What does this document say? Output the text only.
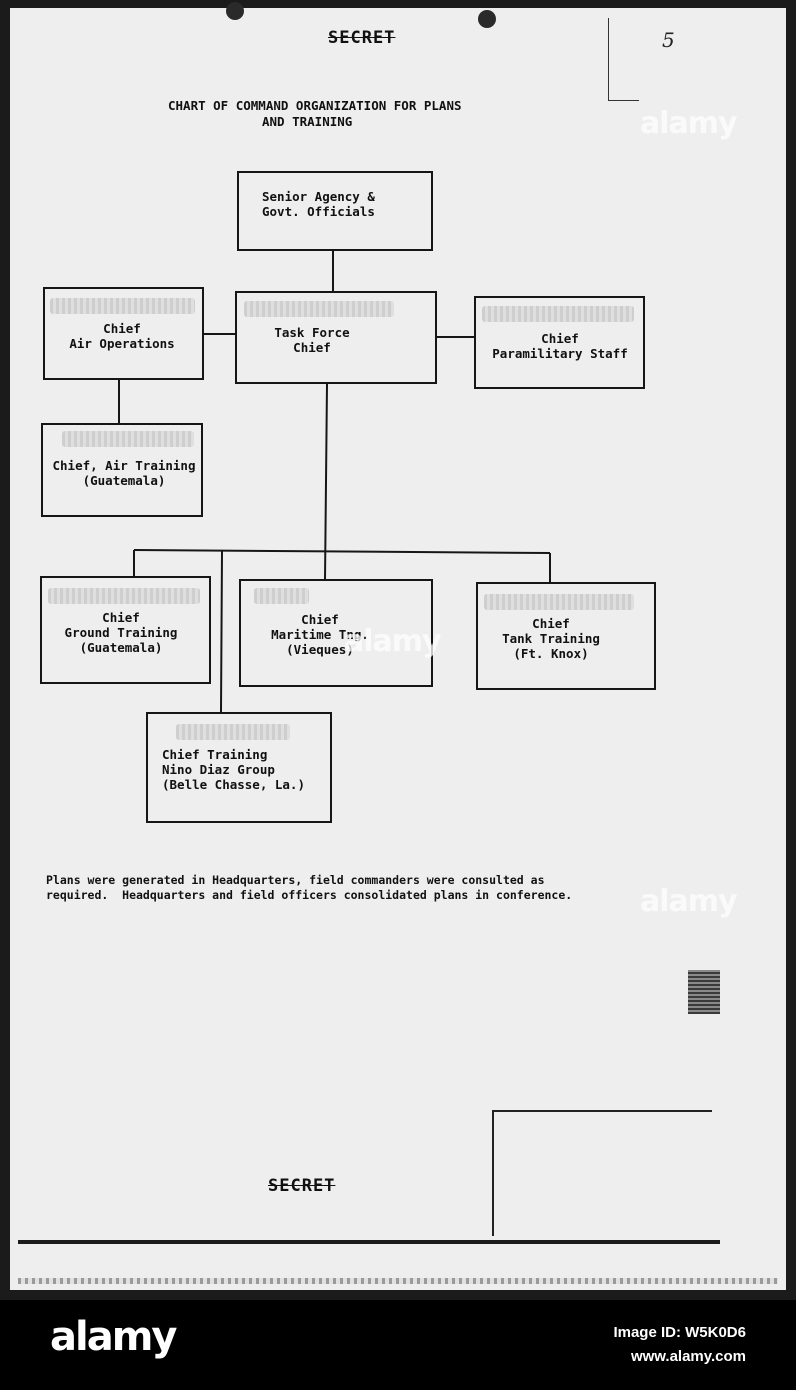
SECRET	5
CHART OF COMMAND ORGANIZATION FOR PLANS
AND TRAINING
Senior Agency &
Govt. Officials
Chief
Air Operations
Task Force
Chief
Chief
Paramilitary Staff
Chief, Air Training
(Guatemala)
Chief
Ground Training
(Guatemala)
Chief
Maritime Tng.
(Vieques)
Chief
Tank Training
(Ft. Knox)
Chief Training
Nino Diaz Group
(Belle Chasse, La.)
Plans were generated in Headquarters, field commanders were consulted as
required.  Headquarters and field officers consolidated plans in conference.
SECRET
alamy
alamy
alamy
alamy	Image ID: W5K0D6
www.alamy.com
